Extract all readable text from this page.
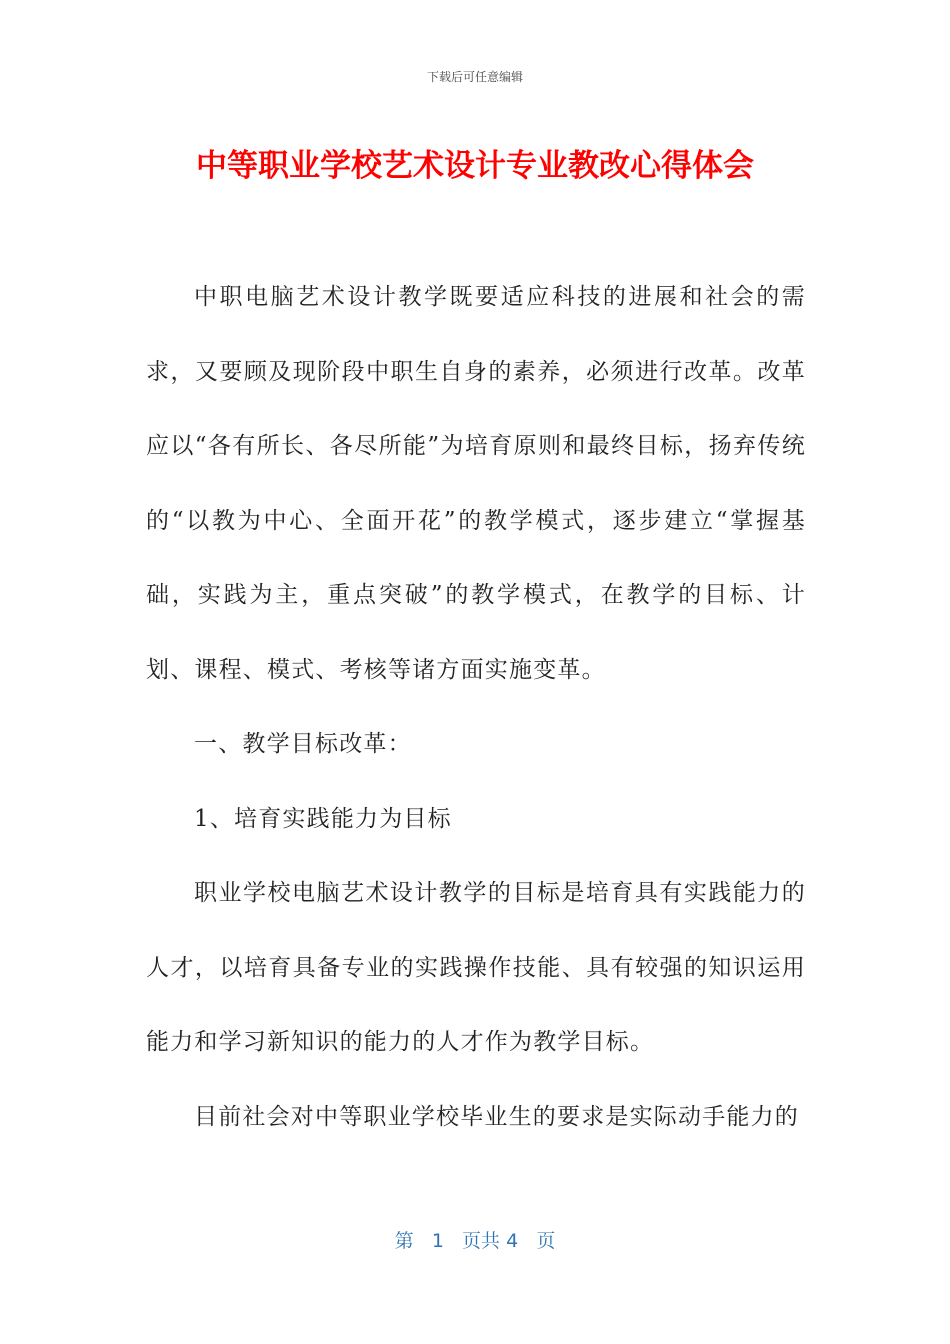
下载后可任意编辑
中等职业学校艺术设计专业教改心得体会

中职电脑艺术设计教学既要适应科技的进展和社会的需求，又要顾及现阶段中职生自身的素养，必须进行改革。改革应以“各有所长、各尽所能”为培育原则和最终目标，扬弃传统的“以教为中心、全面开花”的教学模式，逐步建立“掌握基础，实践为主，重点突破”的教学模式，在教学的目标、计划、课程、模式、考核等诸方面实施变革。

一、教学目标改革：

1、培育实践能力为目标

职业学校电脑艺术设计教学的目标是培育具有实践能力的人才，以培育具备专业的实践操作技能、具有较强的知识运用能力和学习新知识的能力的人才作为教学目标。

目前社会对中等职业学校毕业生的要求是实际动手能力的

第 1 页共 4 页
